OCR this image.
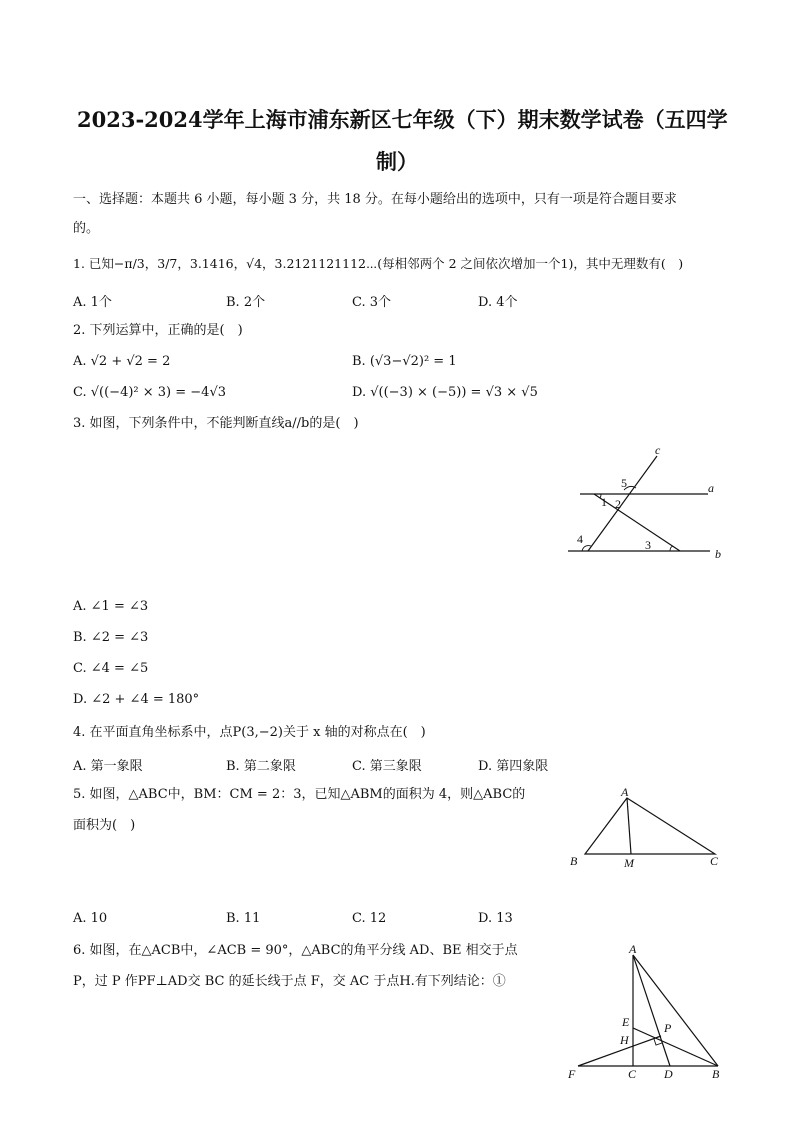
2023-2024学年上海市浦东新区七年级（下）期末数学试卷（五四学
制）
一、选择题：本题共 6 小题，每小题 3 分，共 18 分。在每小题给出的选项中，只有一项是符合题目要求
的。
1. 已知−π/3，3/7，3.1416，√4，3.2121121112⋯(每相邻两个 2 之间依次增加一个1)，其中无理数有(　)
A. 1个	B. 2个	C. 3个	D. 4个
2. 下列运算中，正确的是(　)
A. √2 + √2 = 2	B. (√3−√2)² = 1
C. √((−4)² × 3) = −4√3	D. √((−3) × (−5)) = √3 × √5
3. 如图，下列条件中，不能判断直线a//b的是(　)
c
a
b
1 2
3
4
5
A. ∠1 = ∠3
B. ∠2 = ∠3
C. ∠4 = ∠5
D. ∠2 + ∠4 = 180°
4. 在平面直角坐标系中，点P(3,−2)关于 x 轴的对称点在(　)
A. 第一象限	B. 第二象限	C. 第三象限	D. 第四象限
5. 如图，△ABC中，BM：CM = 2：3，已知△ABM的面积为 4，则△ABC的
面积为(　)
A
B	M	C
A. 10	B. 11	C. 12	D. 13
6. 如图，在△ACB中，∠ACB = 90°，△ABC的角平分线 AD、BE 相交于点
P，过 P 作PF⊥AD交 BC 的延长线于点 F，交 AC 于点H.有下列结论：①
A
E	P
H
F	C D	B
